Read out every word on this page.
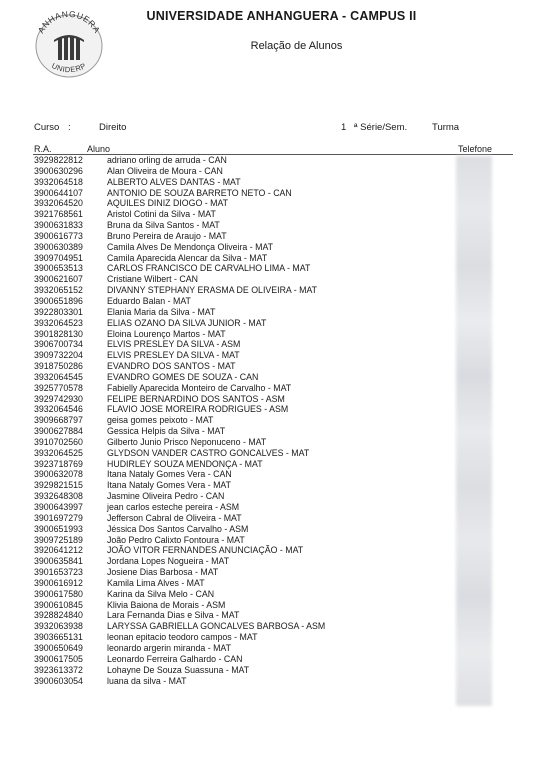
ANHANGUERA
UNIDERP
UNIVERSIDADE ANHANGUERA - CAMPUS II
Relação de Alunos
Curso :	Direito	1 ª Série/Sem.	Turma
R.A.	Aluno	Telefone
3929822812	adriano orling de arruda - CAN
3900630296	Alan Oliveira de Moura - CAN
3932064518	ALBERTO ALVES DANTAS - MAT
3900644107	ANTONIO DE SOUZA BARRETO NETO - CAN
3932064520	AQUILES DINIZ DIOGO - MAT
3921768561	Aristol Cotini da Silva - MAT
3900631833	Bruna da Silva Santos - MAT
3900616773	Bruno Pereira de Araujo - MAT
3900630389	Camila Alves De Mendonça Oliveira - MAT
3909704951	Camila Aparecida Alencar da Silva - MAT
3900653513	CARLOS FRANCISCO DE CARVALHO LIMA - MAT
3900621607	Cristiane Wilbert - CAN
3932065152	DIVANNY STEPHANY ERASMA DE OLIVEIRA - MAT
3900651896	Eduardo Balan - MAT
3922803301	Elania Maria da Silva - MAT
3932064523	ELIAS OZANO DA SILVA JUNIOR - MAT
3901828130	Eloina Lourenço Martos - MAT
3906700734	ELVIS PRESLEY DA SILVA - ASM
3909732204	ELVIS PRESLEY DA SILVA - MAT
3918750286	EVANDRO DOS SANTOS - MAT
3932064545	EVANDRO GOMES DE SOUZA - CAN
3925770578	Fabielly Aparecida Monteiro de Carvalho - MAT
3929742930	FELIPE BERNARDINO DOS SANTOS - ASM
3932064546	FLAVIO JOSE MOREIRA RODRIGUES - ASM
3909668797	geisa gomes peixoto - MAT
3900627884	Gessica Helpis da Silva - MAT
3910702560	Gilberto Junio Prisco Neponuceno - MAT
3932064525	GLYDSON VANDER CASTRO GONCALVES - MAT
3923718769	HUDIRLEY SOUZA MENDONÇA - MAT
3900632078	Itana Nataly Gomes Vera - CAN
3929821515	Itana Nataly Gomes Vera - MAT
3932648308	Jasmine Oliveira Pedro - CAN
3900643997	jean carlos esteche pereira - ASM
3901697279	Jefferson Cabral de Oliveira - MAT
3900651993	Jéssica Dos Santos Carvalho - ASM
3909725189	João Pedro Calixto Fontoura - MAT
3920641212	JOÃO VITOR FERNANDES ANUNCIAÇÃO - MAT
3900635841	Jordana Lopes Nogueira - MAT
3901653723	Josiene Dias Barbosa - MAT
3900616912	Kamila Lima Alves - MAT
3900617580	Karina da Silva Melo - CAN
3900610845	Klivia Baiona de Morais - ASM
3928824840	Lara Fernanda Dias e Silva - MAT
3932063938	LARYSSA GABRIELLA GONCALVES BARBOSA - ASM
3903665131	leonan epitacio teodoro campos - MAT
3900650649	leonardo argerin miranda - MAT
3900617505	Leonardo Ferreira Galhardo - CAN
3923613372	Lohayne De Souza Suassuna - MAT
3900603054	luana da silva - MAT
